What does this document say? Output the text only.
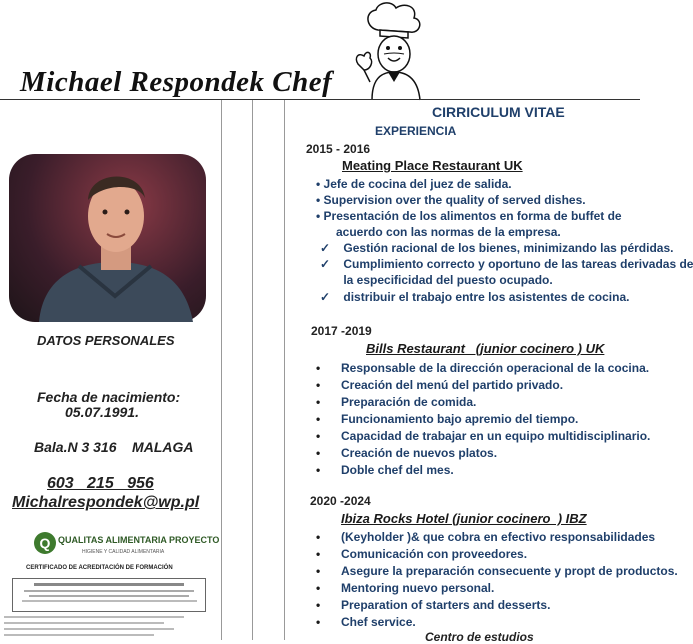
Michael Respondek Chef
DATOS PERSONALES
Fecha de nacimiento:
05.07.1991.
Bala.N 3 316    MALAGA
603   215   956
Michalrespondek@wp.pl
Q QUALITAS ALIMENTARIA PROYECTO
HIGIENE Y CALIDAD ALIMENTARIA
CERTIFICADO DE ACREDITACIÓN DE FORMACIÓN
CIRRICULUM VITAE
EXPERIENCIA
2015 - 2016
Meating Place Restaurant UK
• Jefe de cocina del juez de salida.
• Supervision over the quality of served dishes.
• Presentación de los alimentos en forma de buffet de
acuerdo con las normas de la empresa.
✓    Gestión racional de los bienes, minimizando las pérdidas.
✓    Cumplimiento correcto y oportuno de las tareas derivadas de
la especificidad del puesto ocupado.
✓    distribuir el trabajo entre los asistentes de cocina.
2017 -2019
Bills Restaurant   (junior cocinero ) UK
• Responsable de la dirección operacional de la cocina.
• Creación del menú del partido privado.
• Preparación de comida.
• Funcionamiento bajo apremio del tiempo.
• Capacidad de trabajar en un equipo multidisciplinario.
• Creación de nuevos platos.
• Doble chef del mes.
2020 -2024
Ibiza Rocks Hotel (junior cocinero  ) IBZ
• (Keyholder )& que cobra en efectivo responsabilidades
• Comunicación con proveedores.
• Asegure la preparación consecuente y propt de productos.
• Mentoring nuevo personal.
• Preparation of starters and desserts.
• Chef service.
Centro de estudios
